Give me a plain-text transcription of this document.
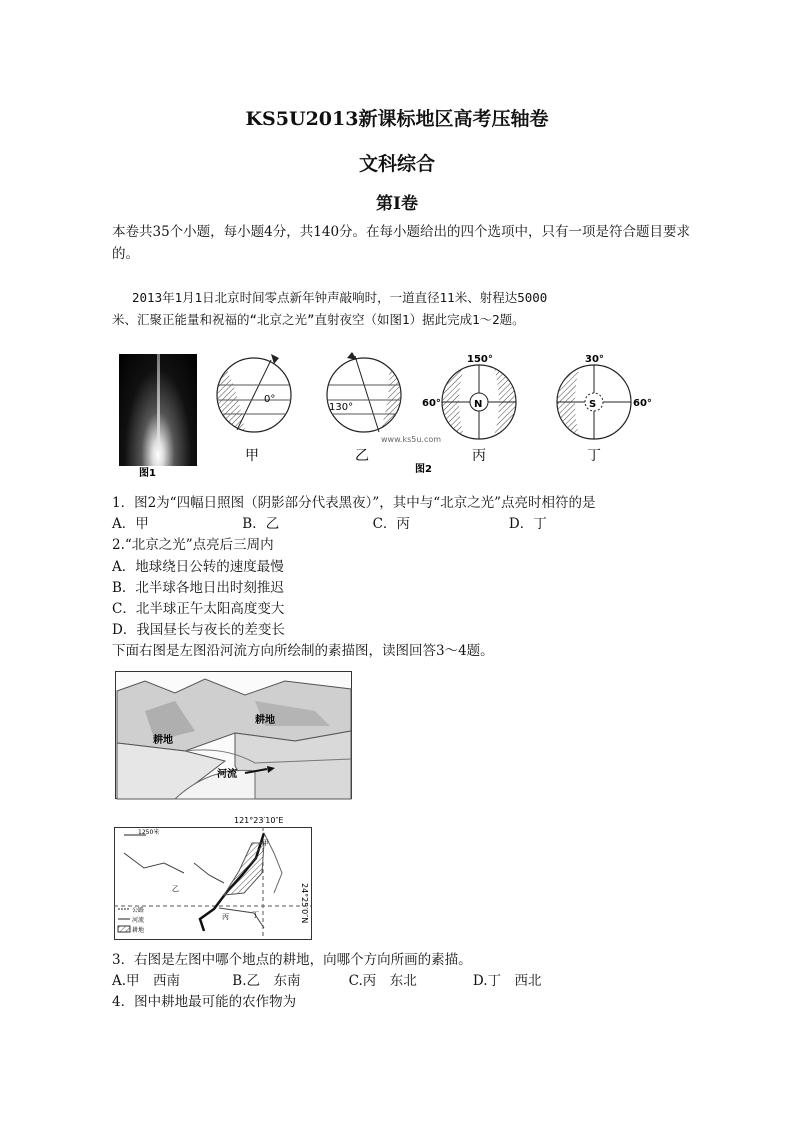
KS5U2013新课标地区高考压轴卷
文科综合
第Ⅰ卷
本卷共35个小题，每小题4分，共140分。在每小题给出的四个选项中，只有一项是符合题目要求的。
2013年1月1日北京时间零点新年钟声敲响时，一道直径11米、射程达5000
米、汇聚正能量和祝福的“北京之光”直射夜空（如图1）据此完成1～2题。
图1
0°
甲
130°
乙
N
150°
60°
丙
S
30°
60°
丁
www.ks5u.com
图2
1．图2为“四幅日照图（阴影部分代表黑夜）”，其中与“北京之光”点亮时相符的是
A．甲	B．乙	C．丙	D．丁
2.“北京之光”点亮后三周内
A．地球绕日公转的速度最慢
B．北半球各地日出时刻推迟
C．北半球正午太阳高度变大
D．我国昼长与夜长的差变长
下面右图是左图沿河流方向所绘制的素描图，读图回答3～4题。
耕地
耕地
河流
121°23′10″E
24°25′0″N
1250米
乙
甲
丙	丁
公路
河流
耕地
3．右图是左图中哪个地点的耕地，向哪个方向所画的素描。
A.甲　西南	B.乙　东南	C.丙　东北	D.丁　西北
4．图中耕地最可能的农作物为
